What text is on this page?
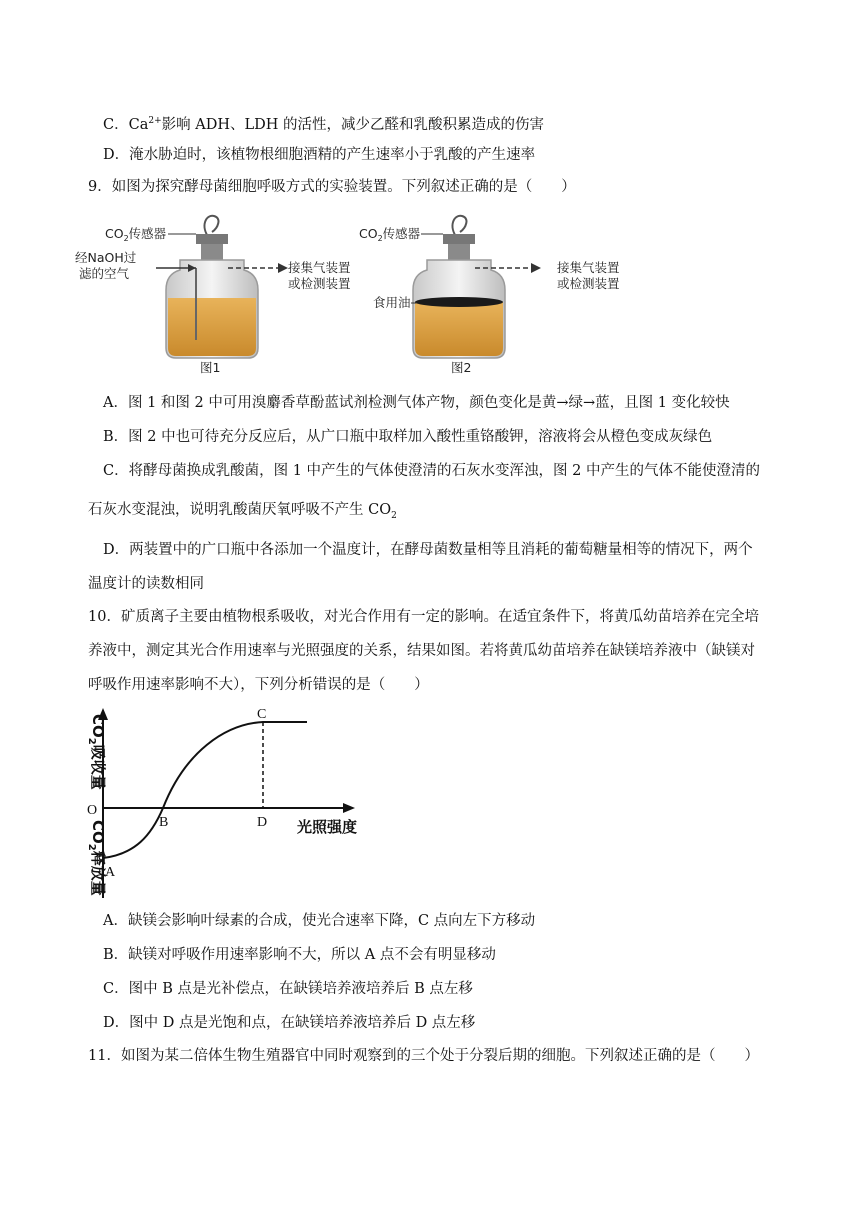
C．$Ca^{2+}$影响 ADH、LDH 的活性，减少乙醛和乳酸积累造成的伤害
D．淹水胁迫时，该植物根细胞酒精的产生速率小于乳酸的产生速率
9．如图为探究酵母菌细胞呼吸方式的实验装置。下列叙述正确的是（　　）
$CO_2$传感器
经NaOH过
滤的空气	接集气装置
或检测装置
图1
$CO_2$传感器
食用油
接集气装置
或检测装置
图2
A．图 1 和图 2 中可用溴麝香草酚蓝试剂检测气体产物，颜色变化是黄→绿→蓝，且图 1 变化较快
B．图 2 中也可待充分反应后，从广口瓶中取样加入酸性重铬酸钾，溶液将会从橙色变成灰绿色
C．将酵母菌换成乳酸菌，图 1 中产生的气体使澄清的石灰水变浑浊，图 2 中产生的气体不能使澄清的
石灰水变混浊，说明乳酸菌厌氧呼吸不产生 $CO_2$
D．两装置中的广口瓶中各添加一个温度计，在酵母菌数量相等且消耗的葡萄糖量相等的情况下，两个
温度计的读数相同
10．矿质离子主要由植物根系吸收，对光合作用有一定的影响。在适宜条件下，将黄瓜幼苗培养在完全培
养液中，测定其光合作用速率与光照强度的关系，结果如图。若将黄瓜幼苗培养在缺镁培养液中（缺镁对
呼吸作用速率影响不大），下列分析错误的是（　　）
$CO_2$吸收量
O
$CO_2$释放量
A
B
C
D 光照强度
A．缺镁会影响叶绿素的合成，使光合速率下降，C 点向左下方移动
B．缺镁对呼吸作用速率影响不大，所以 A 点不会有明显移动
C．图中 B 点是光补偿点，在缺镁培养液培养后 B 点左移
D．图中 D 点是光饱和点，在缺镁培养液培养后 D 点左移
11．如图为某二倍体生物生殖器官中同时观察到的三个处于分裂后期的细胞。下列叙述正确的是（　　）
